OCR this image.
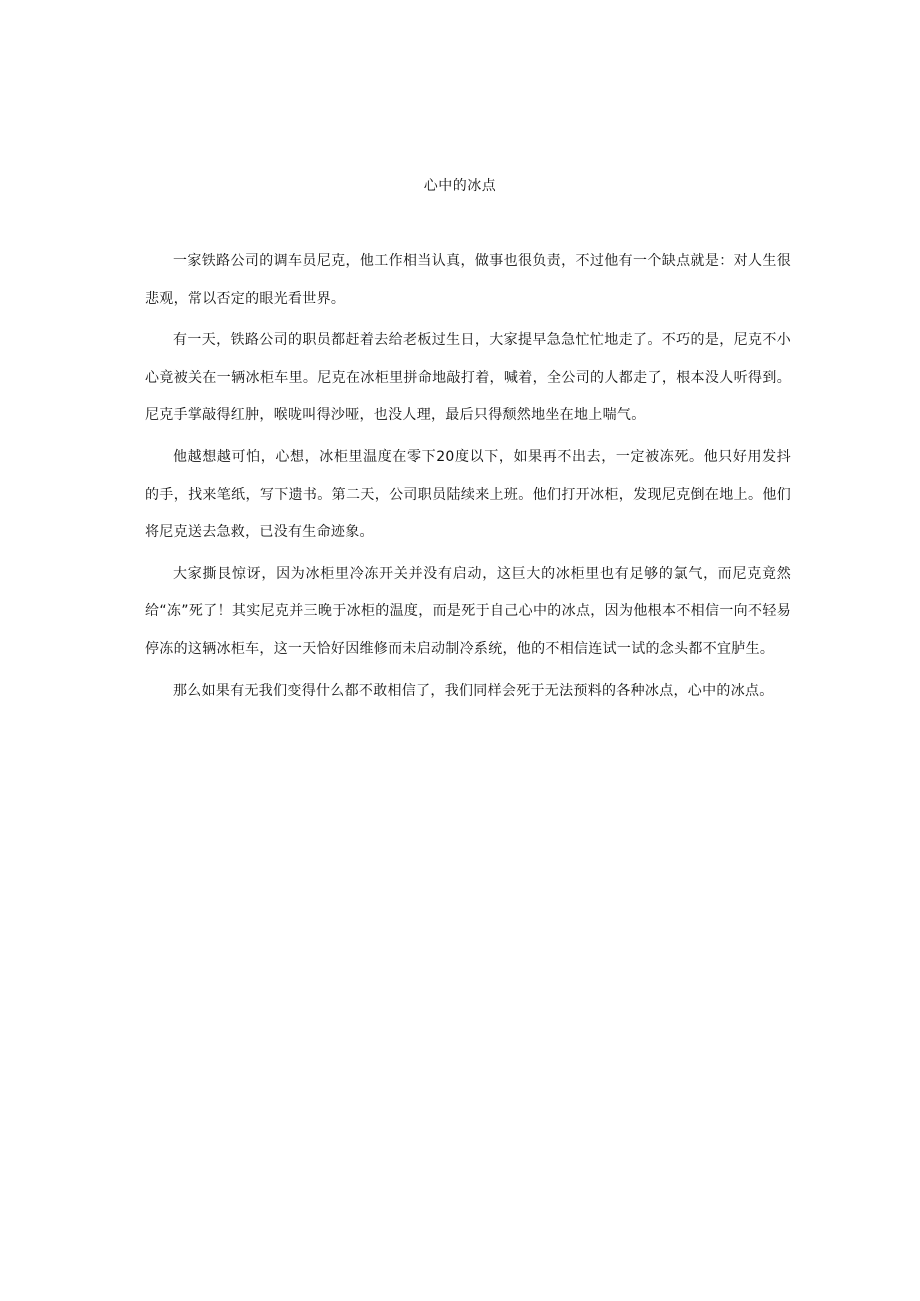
心中的冰点

一家铁路公司的调车员尼克，他工作相当认真，做事也很负责，不过他有一个缺点就是：对人生很悲观，常以否定的眼光看世界。

有一天，铁路公司的职员都赶着去给老板过生日，大家提早急急忙忙地走了。不巧的是，尼克不小心竟被关在一辆冰柜车里。尼克在冰柜里拼命地敲打着，喊着，全公司的人都走了，根本没人听得到。尼克手掌敲得红肿，喉咙叫得沙哑，也没人理，最后只得颓然地坐在地上喘气。

他越想越可怕，心想，冰柜里温度在零下20度以下，如果再不出去，一定被冻死。他只好用发抖的手，找来笔纸，写下遗书。第二天，公司职员陆续来上班。他们打开冰柜，发现尼克倒在地上。他们将尼克送去急救，已没有生命迹象。

大家撕艮惊讶，因为冰柜里冷冻开关并没有启动，这巨大的冰柜里也有足够的氯气，而尼克竟然给“冻”死了！其实尼克并三晚于冰柜的温度，而是死于自己心中的冰点，因为他根本不相信一向不轻易停冻的这辆冰柜车，这一天恰好因维修而未启动制冷系统，他的不相信连试一试的念头都不宜胪生。

那么如果有无我们变得什么都不敢相信了，我们同样会死于无法预料的各种冰点，心中的冰点。
